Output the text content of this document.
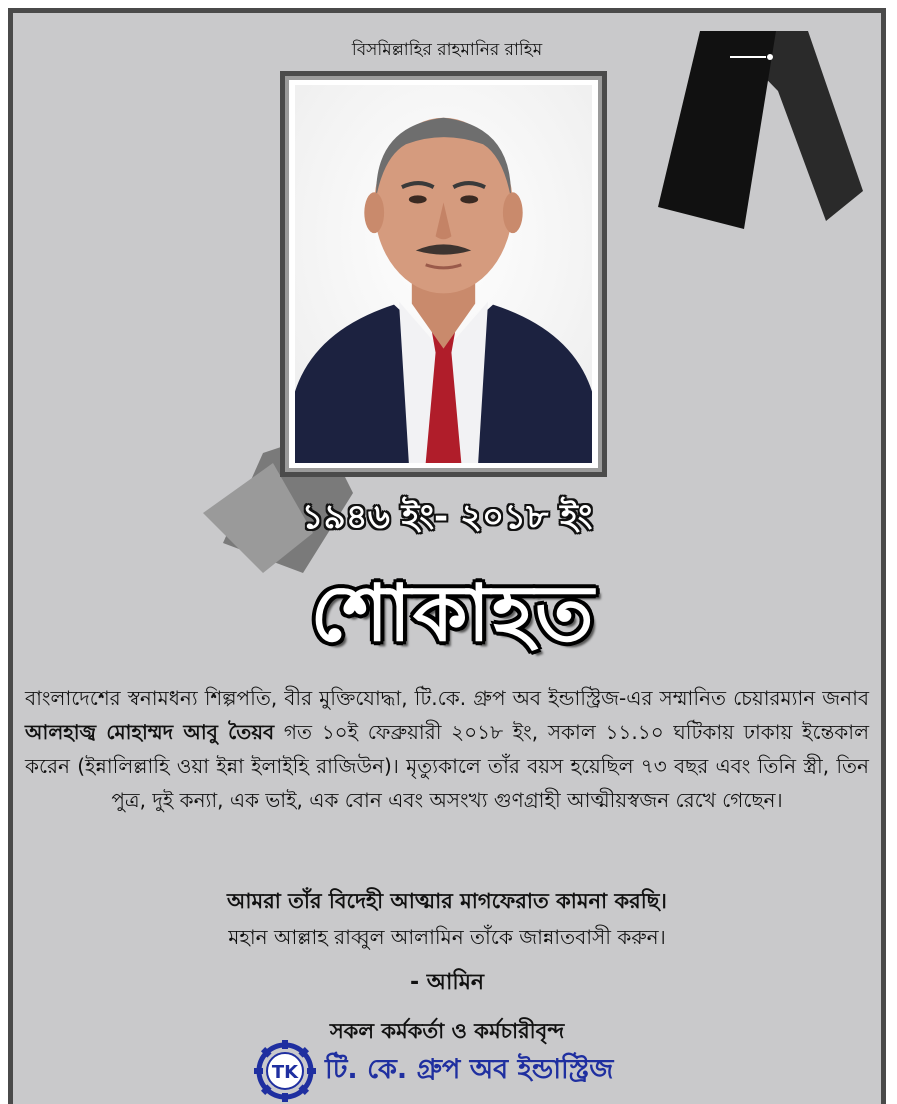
বিসমিল্লাহির রাহমানির রাহিম
১৯৪৬ ইং- ২০১৮ ইং
শোকাহত
বাংলাদেশের স্বনামধন্য শিল্পপতি, বীর মুক্তিযোদ্ধা, টি.কে. গ্রুপ অব ইন্ডাস্ট্রিজ-এর সম্মানিত চেয়ারম্যান জনাব আলহাজ্ব মোহাম্মদ আবু তৈয়ব গত ১০ই ফেব্রুয়ারী ২০১৮ ইং, সকাল ১১.১০ ঘটিকায় ঢাকায় ইন্তেকাল করেন (ইন্নালিল্লাহি ওয়া ইন্না ইলাইহি রাজিউন)। মৃত্যুকালে তাঁর বয়স হয়েছিল ৭৩ বছর এবং তিনি স্ত্রী, তিন পুত্র, দুই কন্যা, এক ভাই, এক বোন এবং অসংখ্য গুণগ্রাহী আত্মীয়স্বজন রেখে গেছেন।
আমরা তাঁর বিদেহী আত্মার মাগফেরাত কামনা করছি।
মহান আল্লাহ রাব্বুল আলামিন তাঁকে জান্নাতবাসী করুন।
- আমিন
সকল কর্মকর্তা ও কর্মচারীবৃন্দ
TK টি. কে. গ্রুপ অব ইন্ডাস্ট্রিজ
